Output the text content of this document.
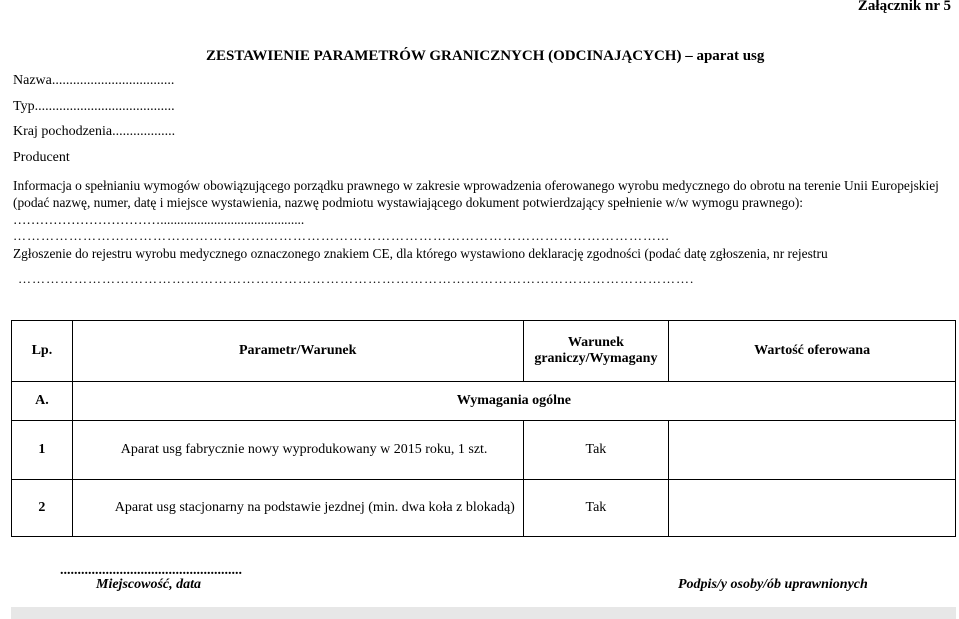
Załącznik nr 5
ZESTAWIENIE PARAMETRÓW GRANICZNYCH (ODCINAJĄCYCH) – aparat usg
Nazwa...................................
Typ........................................
Kraj pochodzenia..................
Producent
Informacja o spełnianiu wymogów obowiązującego porządku prawnego w zakresie wprowadzenia oferowanego wyrobu medycznego do obrotu na terenie Unii Europejskiej (podać nazwę, numer, datę i miejsce wystawienia, nazwę podmiotu wystawiającego dokument potwierdzający spełnienie w/w wymogu prawnego): ……………………………...........................................
…………………………………………………………………………………………………………………………...
Zgłoszenie do rejestru wyrobu medycznego oznaczonego znakiem CE, dla którego wystawiono deklarację zgodności (podać datę zgłoszenia, nr rejestru
……………………………………………………………………………………………………………………………….
Lp.	Parametr/Warunek	Warunek graniczy/Wymagany	Wartość oferowana
A.	Wymagania ogólne		
1	Aparat usg fabrycznie nowy wyprodukowany w 2015 roku, 1 szt.	Tak	
2	Aparat usg stacjonarny na podstawie jezdnej (min. dwa koła z blokadą)	Tak	
....................................................
Miejscowość, data	Podpis/y osoby/ób uprawnionych
